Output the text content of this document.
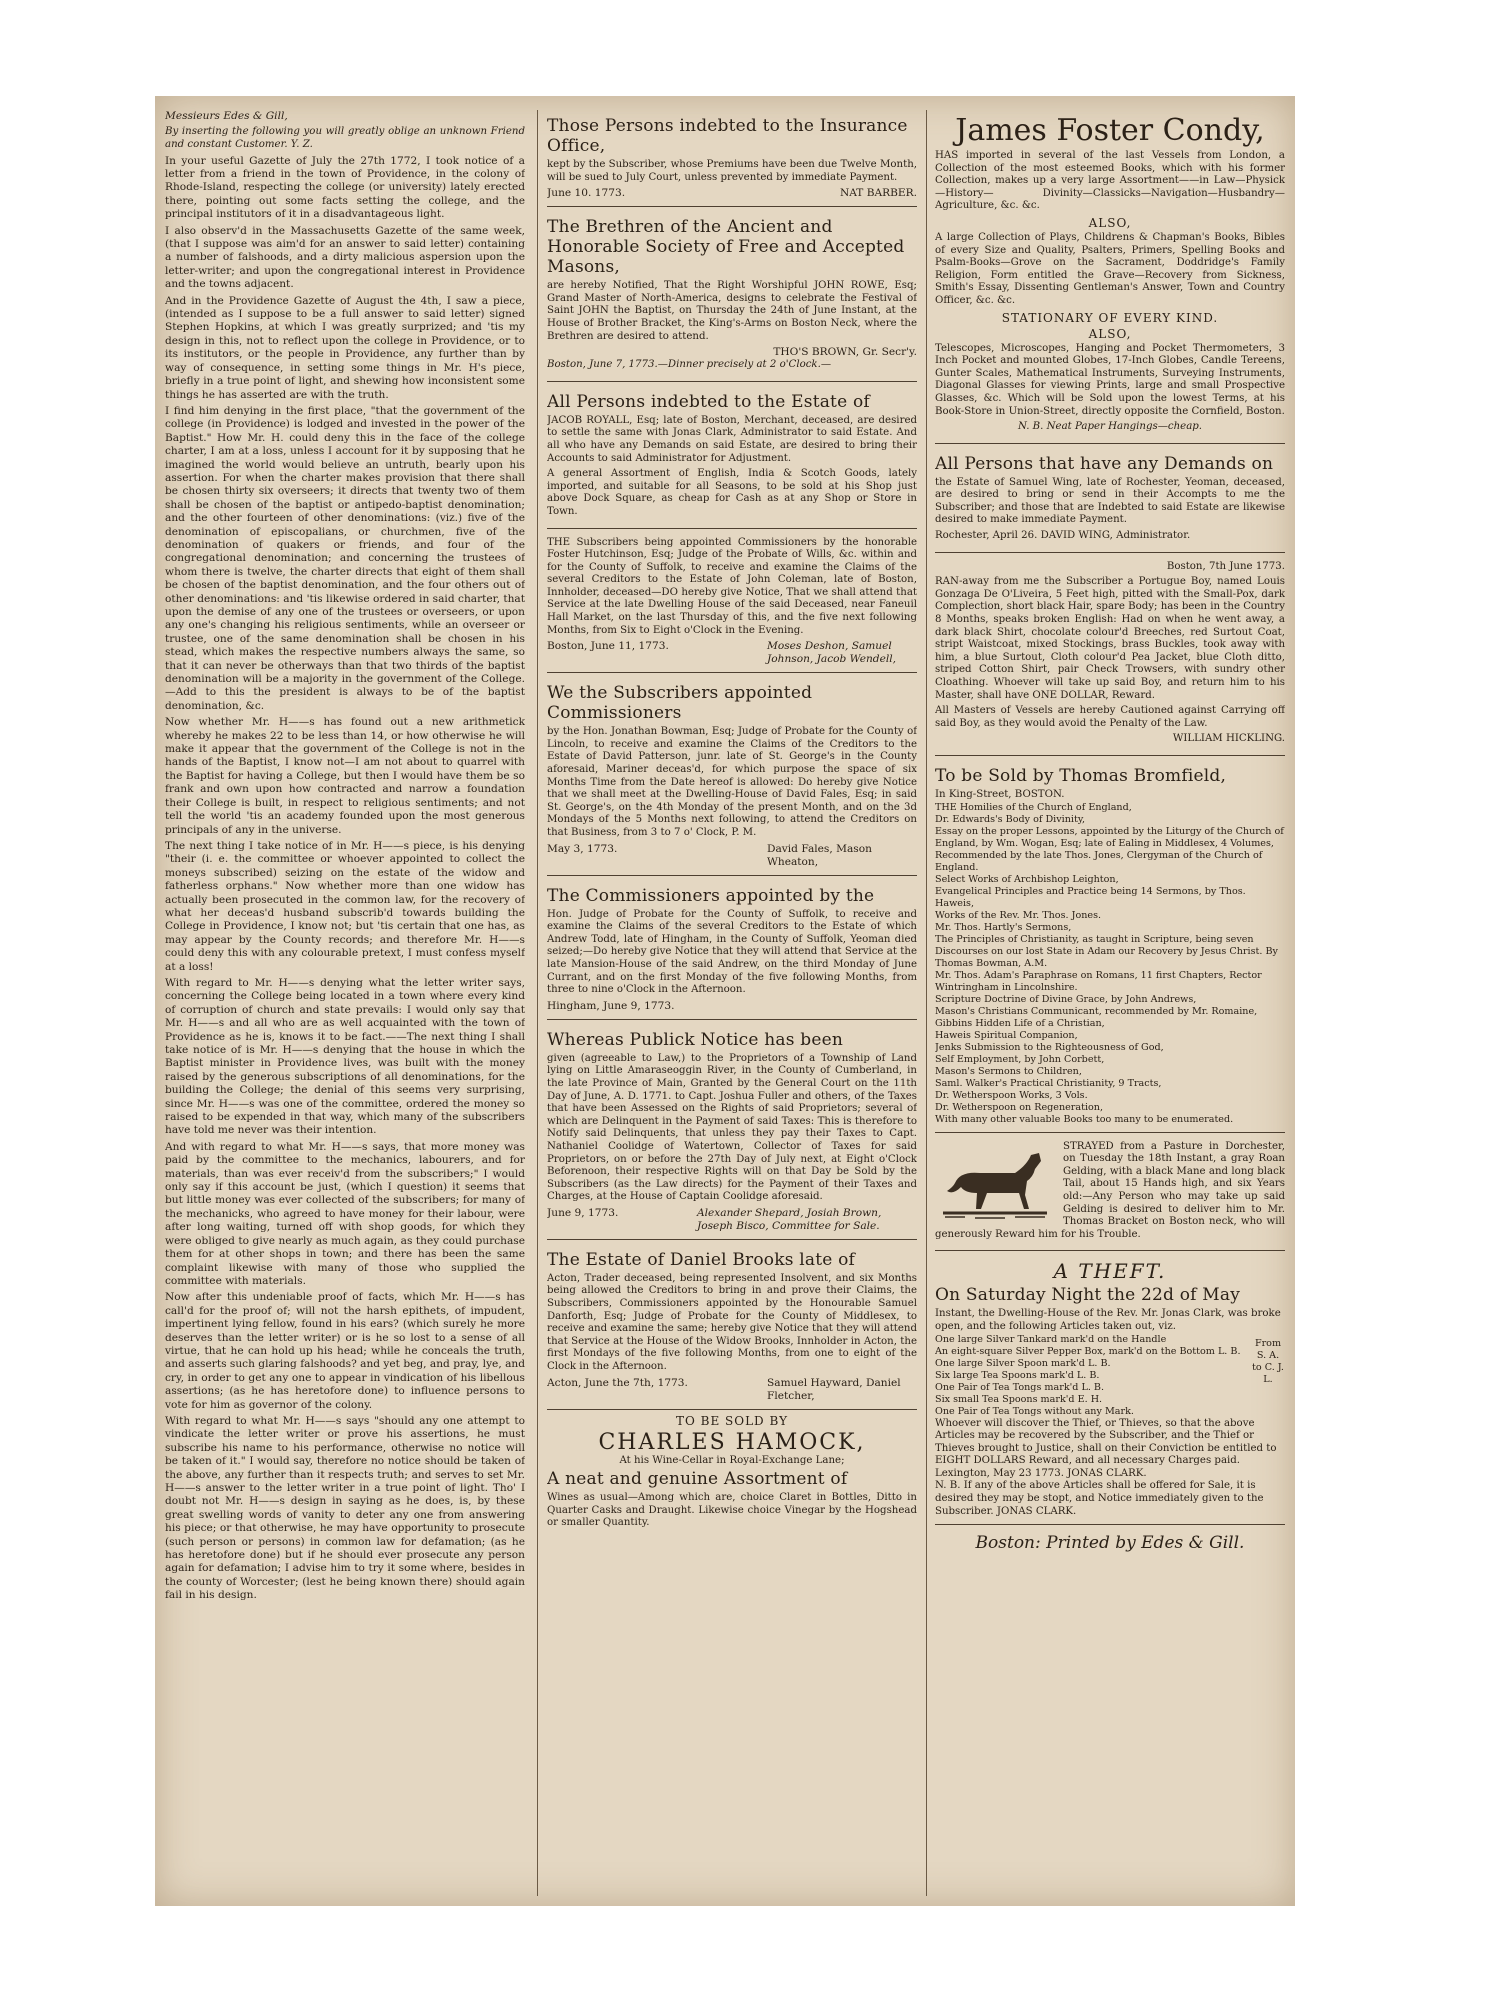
Messieurs Edes & Gill,

By inserting the following you will greatly oblige an unknown Friend and constant Customer. Y. Z.

In your useful Gazette of July the 27th 1772, I took notice of a letter from a friend in the town of Providence, in the colony of Rhode-Island, respecting the college (or university) lately erected there, pointing out some facts setting the college, and the principal institutors of it in a disadvantageous light.

I also observ'd in the Massachusetts Gazette of the same week, (that I suppose was aim'd for an answer to said letter) containing a number of falshoods, and a dirty malicious aspersion upon the letter-writer; and upon the congregational interest in Providence and the towns adjacent.

And in the Providence Gazette of August the 4th, I saw a piece, (intended as I suppose to be a full answer to said letter) signed Stephen Hopkins, at which I was greatly surprized; and 'tis my design in this, not to reflect upon the college in Providence, or to its institutors, or the people in Providence, any further than by way of consequence, in setting some things in Mr. H's piece, briefly in a true point of light, and shewing how inconsistent some things he has asserted are with the truth.

I find him denying in the first place, "that the government of the college (in Providence) is lodged and invested in the power of the Baptist." How Mr. H. could deny this in the face of the college charter, I am at a loss, unless I account for it by supposing that he imagined the world would believe an untruth, bearly upon his assertion. For when the charter makes provision that there shall be chosen thirty six overseers; it directs that twenty two of them shall be chosen of the baptist or antipedo-baptist denomination; and the other fourteen of other denominations: (viz.) five of the denomination of episcopalians, or churchmen, five of the denomination of quakers or friends, and four of the congregational denomination; and concerning the trustees of whom there is twelve, the charter directs that eight of them shall be chosen of the baptist denomination, and the four others out of other denominations: and 'tis likewise ordered in said charter, that upon the demise of any one of the trustees or overseers, or upon any one's changing his religious sentiments, while an overseer or trustee, one of the same denomination shall be chosen in his stead, which makes the respective numbers always the same, so that it can never be otherways than that two thirds of the baptist denomination will be a majority in the government of the College.—Add to this the president is always to be of the baptist denomination, &c.

Now whether Mr. H——s has found out a new arithmetick whereby he makes 22 to be less than 14, or how otherwise he will make it appear that the government of the College is not in the hands of the Baptist, I know not—I am not about to quarrel with the Baptist for having a College, but then I would have them be so frank and own upon how contracted and narrow a foundation their College is built, in respect to religious sentiments; and not tell the world 'tis an academy founded upon the most generous principals of any in the universe.

The next thing I take notice of in Mr. H——s piece, is his denying "their (i. e. the committee or whoever appointed to collect the moneys subscribed) seizing on the estate of the widow and fatherless orphans." Now whether more than one widow has actually been prosecuted in the common law, for the recovery of what her deceas'd husband subscrib'd towards building the College in Providence, I know not; but 'tis certain that one has, as may appear by the County records; and therefore Mr. H——s could deny this with any colourable pretext, I must confess myself at a loss!

With regard to Mr. H——s denying what the letter writer says, concerning the College being located in a town where every kind of corruption of church and state prevails: I would only say that Mr. H——s and all who are as well acquainted with the town of Providence as he is, knows it to be fact.——The next thing I shall take notice of is Mr. H——s denying that the house in which the Baptist minister in Providence lives, was built with the money raised by the generous subscriptions of all denominations, for the building the College; the denial of this seems very surprising, since Mr. H——s was one of the committee, ordered the money so raised to be expended in that way, which many of the subscribers have told me never was their intention.

And with regard to what Mr. H——s says, that more money was paid by the committee to the mechanics, labourers, and for materials, than was ever receiv'd from the subscribers;" I would only say if this account be just, (which I question) it seems that but little money was ever collected of the subscribers; for many of the mechanicks, who agreed to have money for their labour, were after long waiting, turned off with shop goods, for which they were obliged to give nearly as much again, as they could purchase them for at other shops in town; and there has been the same complaint likewise with many of those who supplied the committee with materials.

Now after this undeniable proof of facts, which Mr. H——s has call'd for the proof of; will not the harsh epithets, of impudent, impertinent lying fellow, found in his ears? (which surely he more deserves than the letter writer) or is he so lost to a sense of all virtue, that he can hold up his head; while he conceals the truth, and asserts such glaring falshoods? and yet beg, and pray, lye, and cry, in order to get any one to appear in vindication of his libellous assertions; (as he has heretofore done) to influence persons to vote for him as governor of the colony.

With regard to what Mr. H——s says "should any one attempt to vindicate the letter writer or prove his assertions, he must subscribe his name to his performance, otherwise no notice will be taken of it." I would say, therefore no notice should be taken of the above, any further than it respects truth; and serves to set Mr. H——s answer to the letter writer in a true point of light. Tho' I doubt not Mr. H——s design in saying as he does, is, by these great swelling words of vanity to deter any one from answering his piece; or that otherwise, he may have opportunity to prosecute (such person or persons) in common law for defamation; (as he has heretofore done) but if he should ever prosecute any person again for defamation; I advise him to try it some where, besides in the county of Worcester; (lest he being known there) should again fail in his design.

Those Persons indebted to the Insurance Office,

kept by the Subscriber, whose Premiums have been due Twelve Month, will be sued to July Court, unless prevented by immediate Payment.

June 10. 1773.	NAT BARBER.
The Brethren of the Ancient and Honorable Society of Free and Accepted Masons,

are hereby Notified, That the Right Worshipful JOHN ROWE, Esq; Grand Master of North-America, designs to celebrate the Festival of Saint JOHN the Baptist, on Thursday the 24th of June Instant, at the House of Brother Bracket, the King's-Arms on Boston Neck, where the Brethren are desired to attend.

THO'S BROWN, Gr. Secr'y.

Boston, June 7, 1773.—Dinner precisely at 2 o'Clock.—

All Persons indebted to the Estate of

JACOB ROYALL, Esq; late of Boston, Merchant, deceased, are desired to settle the same with Jonas Clark, Administrator to said Estate. And all who have any Demands on said Estate, are desired to bring their Accounts to said Administrator for Adjustment.

A general Assortment of English, India & Scotch Goods, lately imported, and suitable for all Seasons, to be sold at his Shop just above Dock Square, as cheap for Cash as at any Shop or Store in Town.

THE Subscribers being appointed Commissioners by the honorable Foster Hutchinson, Esq; Judge of the Probate of Wills, &c. within and for the County of Suffolk, to receive and examine the Claims of the several Creditors to the Estate of John Coleman, late of Boston, Innholder, deceased—DO hereby give Notice, That we shall attend that Service at the late Dwelling House of the said Deceased, near Faneuil Hall Market, on the last Thursday of this, and the five next following Months, from Six to Eight o'Clock in the Evening.

Boston, June 11, 1773.	Moses Deshon, Samuel Johnson, Jacob Wendell,
We the Subscribers appointed Commissioners

by the Hon. Jonathan Bowman, Esq; Judge of Probate for the County of Lincoln, to receive and examine the Claims of the Creditors to the Estate of David Patterson, junr. late of St. George's in the County aforesaid, Mariner deceas'd, for which purpose the space of six Months Time from the Date hereof is allowed: Do hereby give Notice that we shall meet at the Dwelling-House of David Fales, Esq; in said St. George's, on the 4th Monday of the present Month, and on the 3d Mondays of the 5 Months next following, to attend the Creditors on that Business, from 3 to 7 o' Clock, P. M.

May 3, 1773.	David Fales, Mason Wheaton,
The Commissioners appointed by the

Hon. Judge of Probate for the County of Suffolk, to receive and examine the Claims of the several Creditors to the Estate of which Andrew Todd, late of Hingham, in the County of Suffolk, Yeoman died seized;—Do hereby give Notice that they will attend that Service at the late Mansion-House of the said Andrew, on the third Monday of June Currant, and on the first Monday of the five following Months, from three to nine o'Clock in the Afternoon.

Hingham, June 9, 1773.
Whereas Publick Notice has been

given (agreeable to Law,) to the Proprietors of a Township of Land lying on Little Amaraseoggin River, in the County of Cumberland, in the late Province of Main, Granted by the General Court on the 11th Day of June, A. D. 1771. to Capt. Joshua Fuller and others, of the Taxes that have been Assessed on the Rights of said Proprietors; several of which are Delinquent in the Payment of said Taxes: This is therefore to Notify said Delinquents, that unless they pay their Taxes to Capt. Nathaniel Coolidge of Watertown, Collector of Taxes for said Proprietors, on or before the 27th Day of July next, at Eight o'Clock Beforenoon, their respective Rights will on that Day be Sold by the Subscribers (as the Law directs) for the Payment of their Taxes and Charges, at the House of Captain Coolidge aforesaid.

June 9, 1773.	Alexander Shepard, Josiah Brown, Joseph Bisco, Committee for Sale.
The Estate of Daniel Brooks late of

Acton, Trader deceased, being represented Insolvent, and six Months being allowed the Creditors to bring in and prove their Claims, the Subscribers, Commissioners appointed by the Honourable Samuel Danforth, Esq; Judge of Probate for the County of Middlesex, to receive and examine the same; hereby give Notice that they will attend that Service at the House of the Widow Brooks, Innholder in Acton, the first Mondays of the five following Months, from one to eight of the Clock in the Afternoon.

Acton, June the 7th, 1773.	Samuel Hayward, Daniel Fletcher,
TO BE SOLD BY
CHARLES HAMOCK,
At his Wine-Cellar in Royal-Exchange Lane;
A neat and genuine Assortment of

Wines as usual—Among which are, choice Claret in Bottles, Ditto in Quarter Casks and Draught. Likewise choice Vinegar by the Hogshead or smaller Quantity.

James Foster Condy,

HAS imported in several of the last Vessels from London, a Collection of the most esteemed Books, which with his former Collection, makes up a very large Assortment——in Law—Physick—History— Divinity—Classicks—Navigation—Husbandry—Agriculture, &c. &c.

ALSO,

A large Collection of Plays, Childrens & Chapman's Books, Bibles of every Size and Quality, Psalters, Primers, Spelling Books and Psalm-Books—Grove on the Sacrament, Doddridge's Family Religion, Form entitled the Grave—Recovery from Sickness, Smith's Essay, Dissenting Gentleman's Answer, Town and Country Officer, &c. &c.

STATIONARY OF EVERY KIND.
ALSO,

Telescopes, Microscopes, Hanging and Pocket Thermometers, 3 Inch Pocket and mounted Globes, 17-Inch Globes, Candle Tereens, Gunter Scales, Mathematical Instruments, Surveying Instruments, Diagonal Glasses for viewing Prints, large and small Prospective Glasses, &c. Which will be Sold upon the lowest Terms, at his Book-Store in Union-Street, directly opposite the Cornfield, Boston.

N. B. Neat Paper Hangings—cheap.

All Persons that have any Demands on

the Estate of Samuel Wing, late of Rochester, Yeoman, deceased, are desired to bring or send in their Accompts to me the Subscriber; and those that are Indebted to said Estate are likewise desired to make immediate Payment.

Rochester, April 26. DAVID WING, Administrator.

Boston, 7th June 1773.

RAN-away from me the Subscriber a Portugue Boy, named Louis Gonzaga De O'Liveira, 5 Feet high, pitted with the Small-Pox, dark Complection, short black Hair, spare Body; has been in the Country 8 Months, speaks broken English: Had on when he went away, a dark black Shirt, chocolate colour'd Breeches, red Surtout Coat, stript Waistcoat, mixed Stockings, brass Buckles, took away with him, a blue Surtout, Cloth colour'd Pea Jacket, blue Cloth ditto, striped Cotton Shirt, pair Check Trowsers, with sundry other Cloathing. Whoever will take up said Boy, and return him to his Master, shall have ONE DOLLAR, Reward.

All Masters of Vessels are hereby Cautioned against Carrying off said Boy, as they would avoid the Penalty of the Law.

WILLIAM HICKLING.

To be Sold by Thomas Bromfield,

In King-Street, BOSTON.

THE Homilies of the Church of England,

Dr. Edwards's Body of Divinity,

Essay on the proper Lessons, appointed by the Liturgy of the Church of England, by Wm. Wogan, Esq; late of Ealing in Middlesex, 4 Volumes,

Recommended by the late Thos. Jones, Clergyman of the Church of England.

Select Works of Archbishop Leighton,

Evangelical Principles and Practice being 14 Sermons, by Thos. Haweis,

Works of the Rev. Mr. Thos. Jones.

Mr. Thos. Hartly's Sermons,

The Principles of Christianity, as taught in Scripture, being seven Discourses on our lost State in Adam our Recovery by Jesus Christ. By Thomas Bowman, A.M.

Mr. Thos. Adam's Paraphrase on Romans, 11 first Chapters, Rector Wintringham in Lincolnshire.

Scripture Doctrine of Divine Grace, by John Andrews,

Mason's Christians Communicant, recommended by Mr. Romaine,

Gibbins Hidden Life of a Christian,

Haweis Spiritual Companion,

Jenks Submission to the Righteousness of God,

Self Employment, by John Corbett,

Mason's Sermons to Children,

Saml. Walker's Practical Christianity, 9 Tracts,

Dr. Wetherspoon Works, 3 Vols.

Dr. Wetherspoon on Regeneration,

With many other valuable Books too many to be enumerated.

STRAYED from a Pasture in Dorchester, on Tuesday the 18th Instant, a gray Roan Gelding, with a black Mane and long black Tail, about 15 Hands high, and six Years old:—Any Person who may take up said Gelding is desired to deliver him to Mr. Thomas Bracket on Boston neck, who will generously Reward him for his Trouble.

A THEFT.
On Saturday Night the 22d of May

Instant, the Dwelling-House of the Rev. Mr. Jonas Clark, was broke open, and the following Articles taken out, viz.

One large Silver Tankard mark'd on the Handle

An eight-square Silver Pepper Box, mark'd on the Bottom L. B.

One large Silver Spoon mark'd L. B.

Six large Tea Spoons mark'd L. B.

One Pair of Tea Tongs mark'd L. B.

Six small Tea Spoons mark'd E. H.

One Pair of Tea Tongs without any Mark.

From S. A. to C. J. L.

Whoever will discover the Thief, or Thieves, so that the above Articles may be recovered by the Subscriber, and the Thief or Thieves brought to Justice, shall on their Conviction be entitled to EIGHT DOLLARS Reward, and all necessary Charges paid.

Lexington, May 23 1773. JONAS CLARK.

N. B. If any of the above Articles shall be offered for Sale, it is desired they may be stopt, and Notice immediately given to the Subscriber. JONAS CLARK.

Boston: Printed by Edes & Gill.
